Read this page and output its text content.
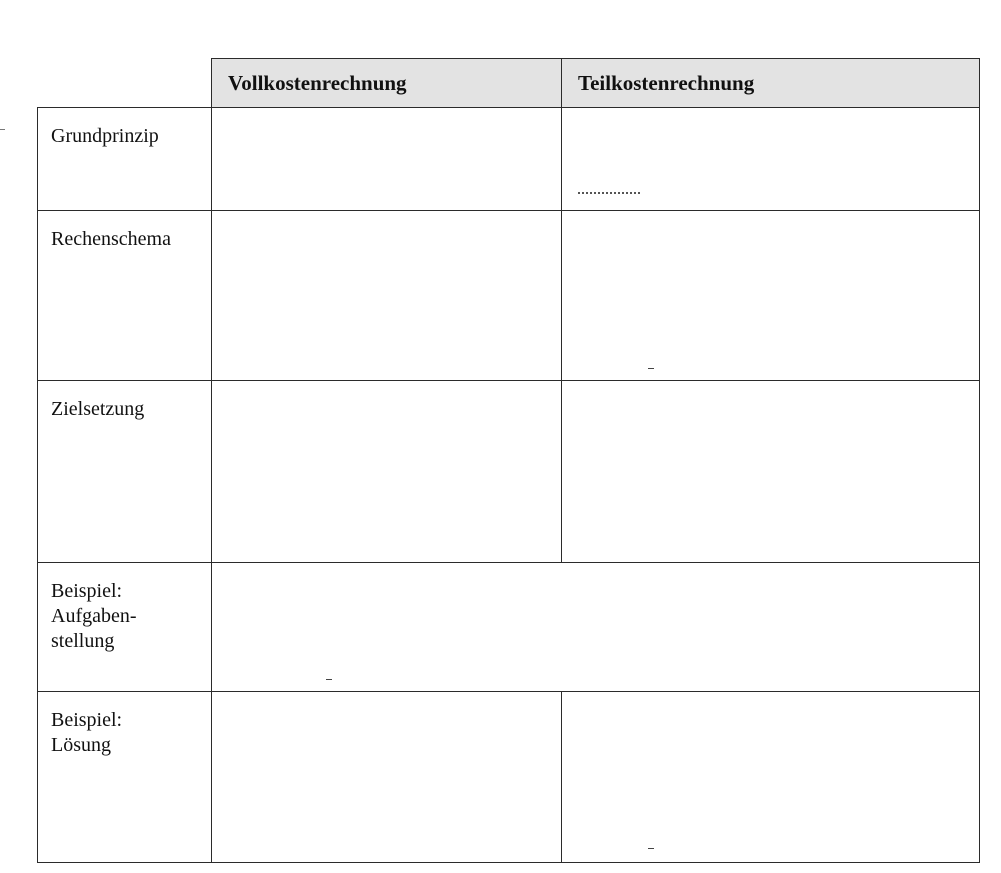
Vollkostenrechnung	Teilkostenrechnung
Grundprinzip
Rechenschema
Zielsetzung
Beispiel:
Aufgaben-
stellung
Beispiel:
Lösung
